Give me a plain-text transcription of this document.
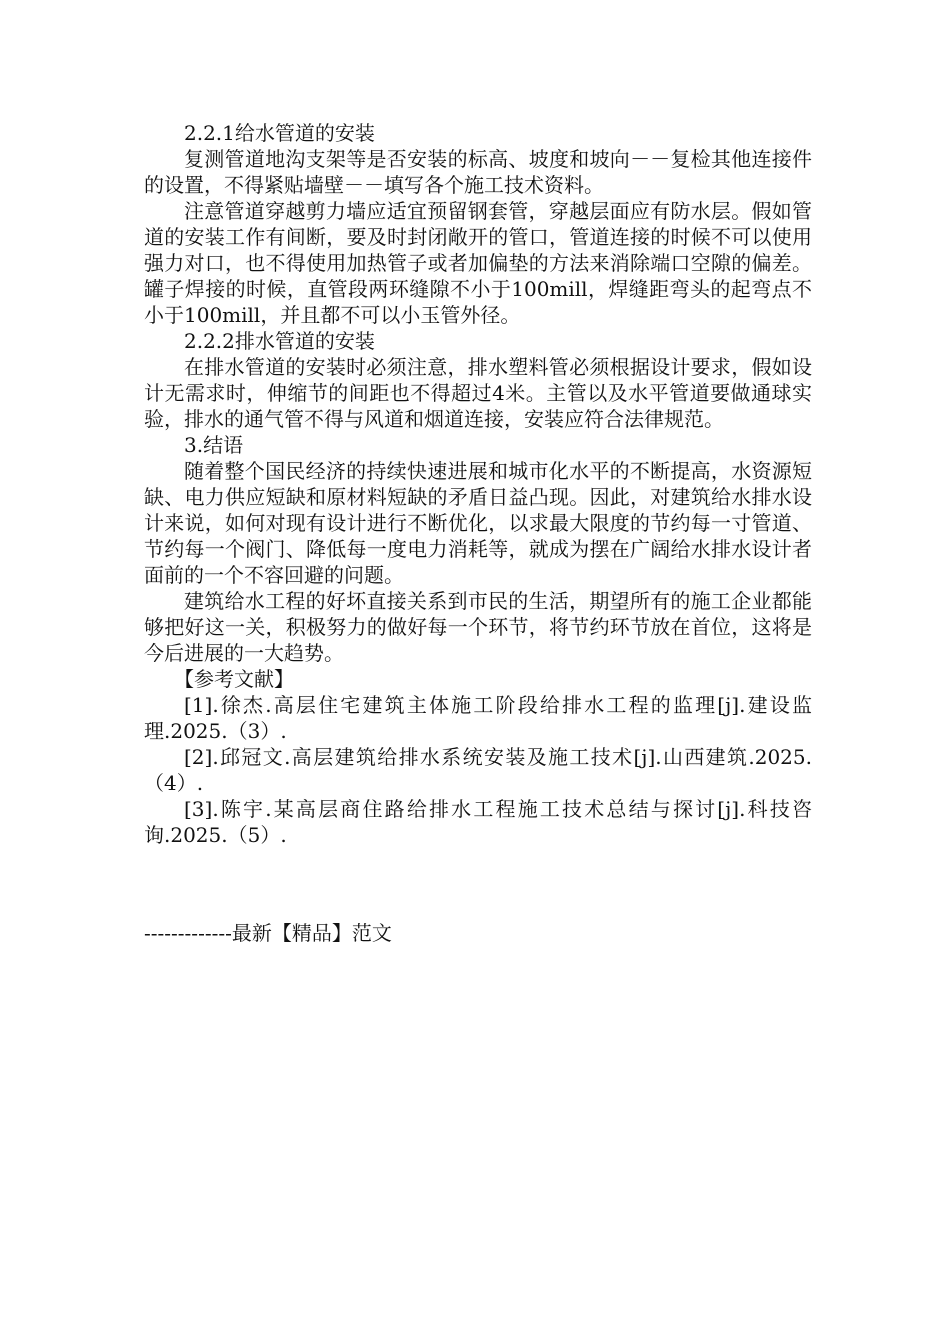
2.2.1给水管道的安装

复测管道地沟支架等是否安装的标高、坡度和坡向－－复检其他连接件的设置，不得紧贴墙壁－－填写各个施工技术资料。

注意管道穿越剪力墙应适宜预留钢套管，穿越层面应有防水层。假如管道的安装工作有间断，要及时封闭敞开的管口，管道连接的时候不可以使用强力对口，也不得使用加热管子或者加偏垫的方法来消除端口空隙的偏差。罐子焊接的时候，直管段两环缝隙不小于100mill，焊缝距弯头的起弯点不小于100mill，并且都不可以小玉管外径。

2.2.2排水管道的安装

在排水管道的安装时必须注意，排水塑料管必须根据设计要求，假如设计无需求时，伸缩节的间距也不得超过4米。主管以及水平管道要做通球实验，排水的通气管不得与风道和烟道连接，安装应符合法律规范。

3.结语

随着整个国民经济的持续快速进展和城市化水平的不断提高，水资源短缺、电力供应短缺和原材料短缺的矛盾日益凸现。因此，对建筑给水排水设计来说，如何对现有设计进行不断优化，以求最大限度的节约每一寸管道、节约每一个阀门、降低每一度电力消耗等，就成为摆在广阔给水排水设计者面前的一个不容回避的问题。

建筑给水工程的好坏直接关系到市民的生活，期望所有的施工企业都能够把好这一关，积极努力的做好每一个环节，将节约环节放在首位，这将是今后进展的一大趋势。

【参考文献】

[1].徐杰.高层住宅建筑主体施工阶段给排水工程的监理[j].建设监理.2025.（3）.

[2].邱冠文.高层建筑给排水系统安装及施工技术[j].山西建筑.2025.（4）.

[3].陈宇.某高层商住路给排水工程施工技术总结与探讨[j].科技咨询.2025.（5）.

-------------最新【精品】范文
